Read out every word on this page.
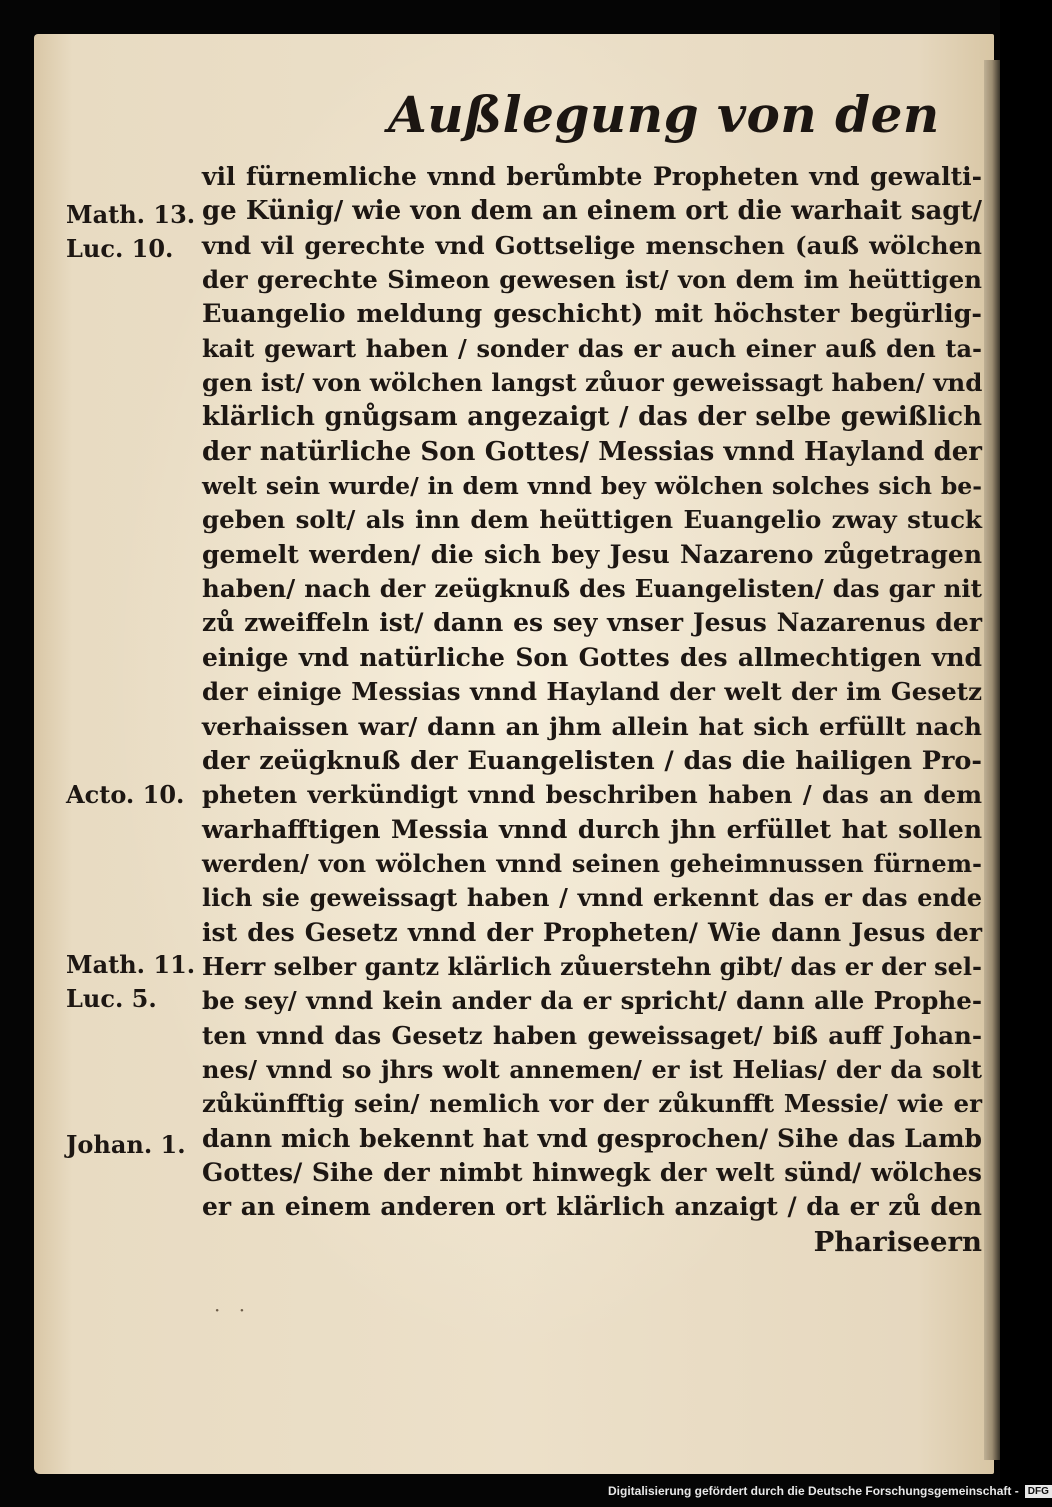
Außlegung von den
vil fürnemliche vnnd berůmbte Propheten vnd gewalti‑
ge Künig/ wie von dem an einem ort die warhait sagt/
vnd vil gerechte vnd Gottselige menschen (auß wölchen
der gerechte Simeon gewesen ist/ von dem im heüttigen
Euangelio meldung geschicht) mit höchster begürlig‑
kait gewart haben / sonder das er auch einer auß den ta‑
gen ist/ von wölchen langst zůuor geweissagt haben/ vnd
klärlich gnůgsam angezaigt / das der selbe gewißlich
der natürliche Son Gottes/ Messias vnnd Hayland der
welt sein wurde/ in dem vnnd bey wölchen solches sich be‑
geben solt/ als inn dem heüttigen Euangelio zway stuck
gemelt werden/ die sich bey Jesu Nazareno zůgetragen
haben/ nach der zeügknuß des Euangelisten/ das gar nit
zů zweiffeln ist/ dann es sey vnser Jesus Nazarenus der
einige vnd natürliche Son Gottes des allmechtigen vnd
der einige Messias vnnd Hayland der welt der im Gesetz
verhaissen war/ dann an jhm allein hat sich erfüllt nach
der zeügknuß der Euangelisten / das die hailigen Pro‑
pheten verkündigt vnnd beschriben haben / das an dem
warhafftigen Messia vnnd durch jhn erfüllet hat sollen
werden/ von wölchen vnnd seinen geheimnussen fürnem‑
lich sie geweissagt haben / vnnd erkennt das er das ende
ist des Gesetz vnnd der Propheten/ Wie dann Jesus der
Herr selber gantz klärlich zůuerstehn gibt/ das er der sel‑
be sey/ vnnd kein ander da er spricht/ dann alle Prophe‑
ten vnnd das Gesetz haben geweissaget/ biß auff Johan‑
nes/ vnnd so jhrs wolt annemen/ er ist Helias/ der da solt
zůkünfftig sein/ nemlich vor der zůkunfft Messie/ wie er
dann mich bekennt hat vnd gesprochen/ Sihe das Lamb
Gottes/ Sihe der nimbt hinwegk der welt sünd/ wölches
er an einem anderen ort klärlich anzaigt / da er zů den
Phariseern
Math. 13.
Luc. 10.
Acto. 10.
Math. 11.
Luc. 5.
Johan. 1.
· ·
Digitalisierung gefördert durch die Deutsche Forschungsgemeinschaft - DFG
